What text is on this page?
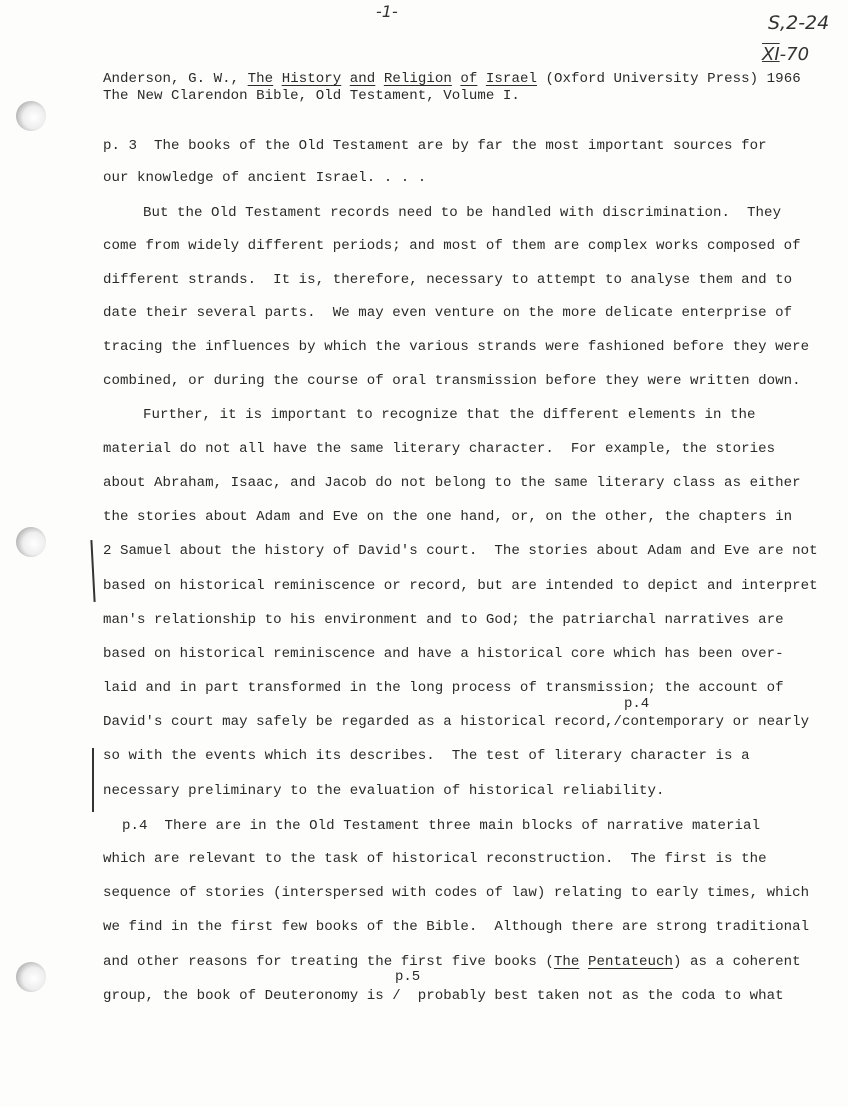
-1-
S,2-24
XI-70
p.4
p.5
Anderson, G. W., The History and Religion of Israel (Oxford University Press) 1966
The New Clarendon Bible, Old Testament, Volume I.
p. 3  The books of the Old Testament are by far the most important sources for
our knowledge of ancient Israel. . . .
But the Old Testament records need to be handled with discrimination.  They
come from widely different periods; and most of them are complex works composed of
different strands.  It is, therefore, necessary to attempt to analyse them and to
date their several parts.  We may even venture on the more delicate enterprise of
tracing the influences by which the various strands were fashioned before they were
combined, or during the course of oral transmission before they were written down.
Further, it is important to recognize that the different elements in the
material do not all have the same literary character.  For example, the stories
about Abraham, Isaac, and Jacob do not belong to the same literary class as either
the stories about Adam and Eve on the one hand, or, on the other, the chapters in
2 Samuel about the history of David's court.  The stories about Adam and Eve are not
based on historical reminiscence or record, but are intended to depict and interpret
man's relationship to his environment and to God; the patriarchal narratives are
based on historical reminiscence and have a historical core which has been over-
laid and in part transformed in the long process of transmission; the account of
David's court may safely be regarded as a historical record,/contemporary or nearly
so with the events which its describes.  The test of literary character is a
necessary preliminary to the evaluation of historical reliability.
p.4  There are in the Old Testament three main blocks of narrative material
which are relevant to the task of historical reconstruction.  The first is the
sequence of stories (interspersed with codes of law) relating to early times, which
we find in the first few books of the Bible.  Although there are strong traditional
and other reasons for treating the first five books (The Pentateuch) as a coherent
group, the book of Deuteronomy is /  probably best taken not as the coda to what
